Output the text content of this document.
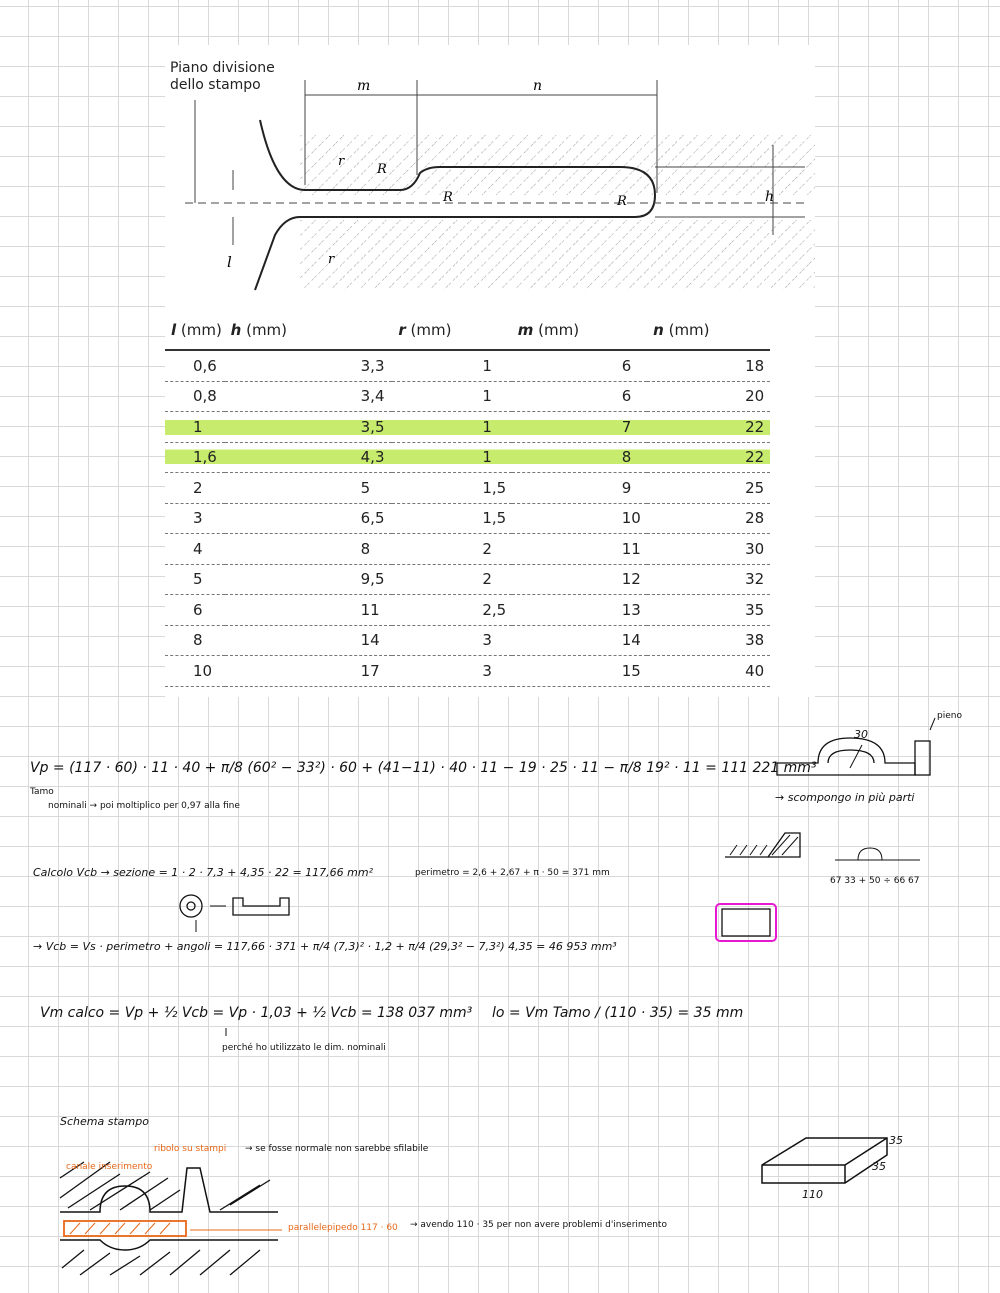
Piano divisione
dello stampo	m	n
r
R
R	R	h
l	r
l (mm)	h (mm)	r (mm)	m (mm)	n (mm)
0,6	3,3	1	6	18
0,8	3,4	1	6	20
1	3,5	1	7	22
1,6	4,3	1	8	22
2	5	1,5	9	25
3	6,5	1,5	10	28
4	8	2	11	30
5	9,5	2	12	32
6	11	2,5	13	35
8	14	3	14	38
10	17	3	15	40
Vp = (117 · 60) · 11 · 40 + π/8 (60² − 33²) · 60 + (41−11) · 40 · 11 − 19 · 25 · 11 − π/8 19² · 11 = 111 221 mm³
Tamo
nominali → poi moltiplico per 0,97 alla fine
pieno
30
→ scompongo in più parti
Calcolo Vcb → sezione = 1 · 2 · 7,3 + 4,35 · 22 = 117,66 mm²	perimetro = 2,6 + 2,67 + π · 50 = 371 mm
67 33 + 50 ÷ 66 67
→ Vcb = Vs · perimetro + angoli = 117,66 · 371 + π/4 (7,3)² · 1,2 + π/4 (29,3² − 7,3²) 4,35 = 46 953 mm³
Vm calco = Vp + ½ Vcb = Vp · 1,03 + ½ Vcb = 138 037 mm³
perché ho utilizzato le dim. nominali
lo = Vm Tamo / (110 · 35) = 35 mm
Schema stampo
canale inserimento
ribolo su stampi → se fosse normale non sarebbe sfilabile
parallelepipedo 117 · 60 → avendo 110 · 35 per non avere problemi d'inserimento
35
35
110
